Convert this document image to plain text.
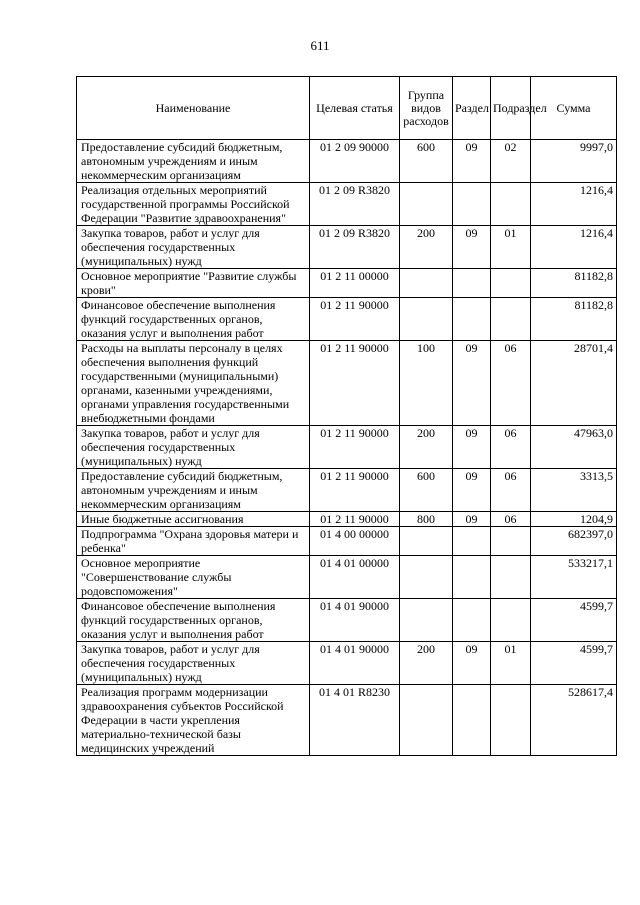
611
Наименование	Целевая статья	Группа видов расходов	Раздел	Подраздел	Сумма
Предоставление субсидий бюджетным, автономным учреждениям и иным некоммерческим организациям	01 2 09 90000	600	09	02	9997,0
Реализация отдельных мероприятий государственной программы Российской Федерации "Развитие здравоохранения"	01 2 09 R3820				1216,4
Закупка товаров, работ и услуг для обеспечения государственных (муниципальных) нужд	01 2 09 R3820	200	09	01	1216,4
Основное мероприятие "Развитие службы крови"	01 2 11 00000				81182,8
Финансовое обеспечение выполнения функций государственных органов, оказания услуг и выполнения работ	01 2 11 90000				81182,8
Расходы на выплаты персоналу в целях обеспечения выполнения функций государственными (муниципальными) органами, казенными учреждениями, органами управления государственными внебюджетными фондами	01 2 11 90000	100	09	06	28701,4
Закупка товаров, работ и услуг для обеспечения государственных (муниципальных) нужд	01 2 11 90000	200	09	06	47963,0
Предоставление субсидий бюджетным, автономным учреждениям и иным некоммерческим организациям	01 2 11 90000	600	09	06	3313,5
Иные бюджетные ассигнования	01 2 11 90000	800	09	06	1204,9
Подпрограмма "Охрана здоровья матери и ребенка"	01 4 00 00000				682397,0
Основное мероприятие "Совершенствование службы родовспоможения"	01 4 01 00000				533217,1
Финансовое обеспечение выполнения функций государственных органов, оказания услуг и выполнения работ	01 4 01 90000				4599,7
Закупка товаров, работ и услуг для обеспечения государственных (муниципальных) нужд	01 4 01 90000	200	09	01	4599,7
Реализация программ модернизации здравоохранения субъектов Российской Федерации в части укрепления материально-технической базы медицинских учреждений	01 4 01 R8230				528617,4
